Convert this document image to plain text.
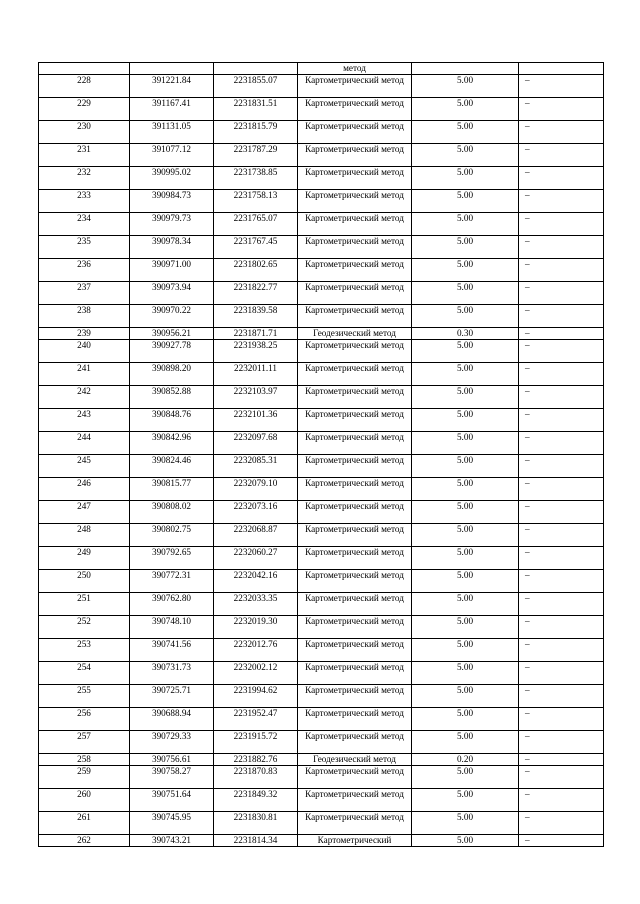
			метод		
228	391221.84	2231855.07	Картометрический метод	5.00	–
229	391167.41	2231831.51	Картометрический метод	5.00	–
230	391131.05	2231815.79	Картометрический метод	5.00	–
231	391077.12	2231787.29	Картометрический метод	5.00	–
232	390995.02	2231738.85	Картометрический метод	5.00	–
233	390984.73	2231758.13	Картометрический метод	5.00	–
234	390979.73	2231765.07	Картометрический метод	5.00	–
235	390978.34	2231767.45	Картометрический метод	5.00	–
236	390971.00	2231802.65	Картометрический метод	5.00	–
237	390973.94	2231822.77	Картометрический метод	5.00	–
238	390970.22	2231839.58	Картометрический метод	5.00	–
239	390956.21	2231871.71	Геодезический метод	0.30	–
240	390927.78	2231938.25	Картометрический метод	5.00	–
241	390898.20	2232011.11	Картометрический метод	5.00	–
242	390852.88	2232103.97	Картометрический метод	5.00	–
243	390848.76	2232101.36	Картометрический метод	5.00	–
244	390842.96	2232097.68	Картометрический метод	5.00	–
245	390824.46	2232085.31	Картометрический метод	5.00	–
246	390815.77	2232079.10	Картометрический метод	5.00	–
247	390808.02	2232073.16	Картометрический метод	5.00	–
248	390802.75	2232068.87	Картометрический метод	5.00	–
249	390792.65	2232060.27	Картометрический метод	5.00	–
250	390772.31	2232042.16	Картометрический метод	5.00	–
251	390762.80	2232033.35	Картометрический метод	5.00	–
252	390748.10	2232019.30	Картометрический метод	5.00	–
253	390741.56	2232012.76	Картометрический метод	5.00	–
254	390731.73	2232002.12	Картометрический метод	5.00	–
255	390725.71	2231994.62	Картометрический метод	5.00	–
256	390688.94	2231952.47	Картометрический метод	5.00	–
257	390729.33	2231915.72	Картометрический метод	5.00	–
258	390756.61	2231882.76	Геодезический метод	0.20	–
259	390758.27	2231870.83	Картометрический метод	5.00	–
260	390751.64	2231849.32	Картометрический метод	5.00	–
261	390745.95	2231830.81	Картометрический метод	5.00	–
262	390743.21	2231814.34	Картометрический	5.00	–
